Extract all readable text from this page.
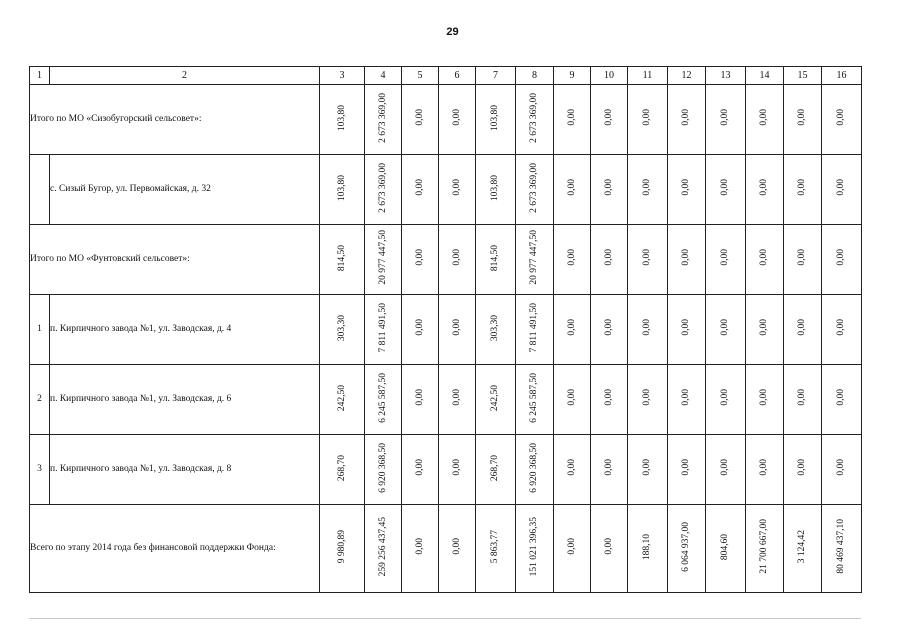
29
1	2	3	4	5	6	7	8	9	10	11	12	13	14	15	16
Итого по МО «Сизобугорский сельсовет»:		103,80	2 673 369,00	0,00	0,00	103,80	2 673 369,00	0,00	0,00	0,00	0,00	0,00	0,00	0,00	0,00
	с. Сизый Бугор, ул. Первомайская, д. 32	103,80	2 673 369,00	0,00	0,00	103,80	2 673 369,00	0,00	0,00	0,00	0,00	0,00	0,00	0,00	0,00
Итого по МО «Фунтовский сельсовет»:		814,50	20 977 447,50	0,00	0,00	814,50	20 977 447,50	0,00	0,00	0,00	0,00	0,00	0,00	0,00	0,00
1	п. Кирпичного завода №1, ул. Заводская, д. 4	303,30	7 811 491,50	0,00	0,00	303,30	7 811 491,50	0,00	0,00	0,00	0,00	0,00	0,00	0,00	0,00
2	п. Кирпичного завода №1, ул. Заводская, д. 6	242,50	6 245 587,50	0,00	0,00	242,50	6 245 587,50	0,00	0,00	0,00	0,00	0,00	0,00	0,00	0,00
3	п. Кирпичного завода №1, ул. Заводская, д. 8	268,70	6 920 368,50	0,00	0,00	268,70	6 920 368,50	0,00	0,00	0,00	0,00	0,00	0,00	0,00	0,00
Всего по этапу 2014 года без финансовой поддержки Фонда:		9 980,89	259 256 437,45	0,00	0,00	5 863,77	151 021 396,35	0,00	0,00	188,10	6 064 937,00	804,60	21 700 667,00	3 124,42	80 469 437,10
